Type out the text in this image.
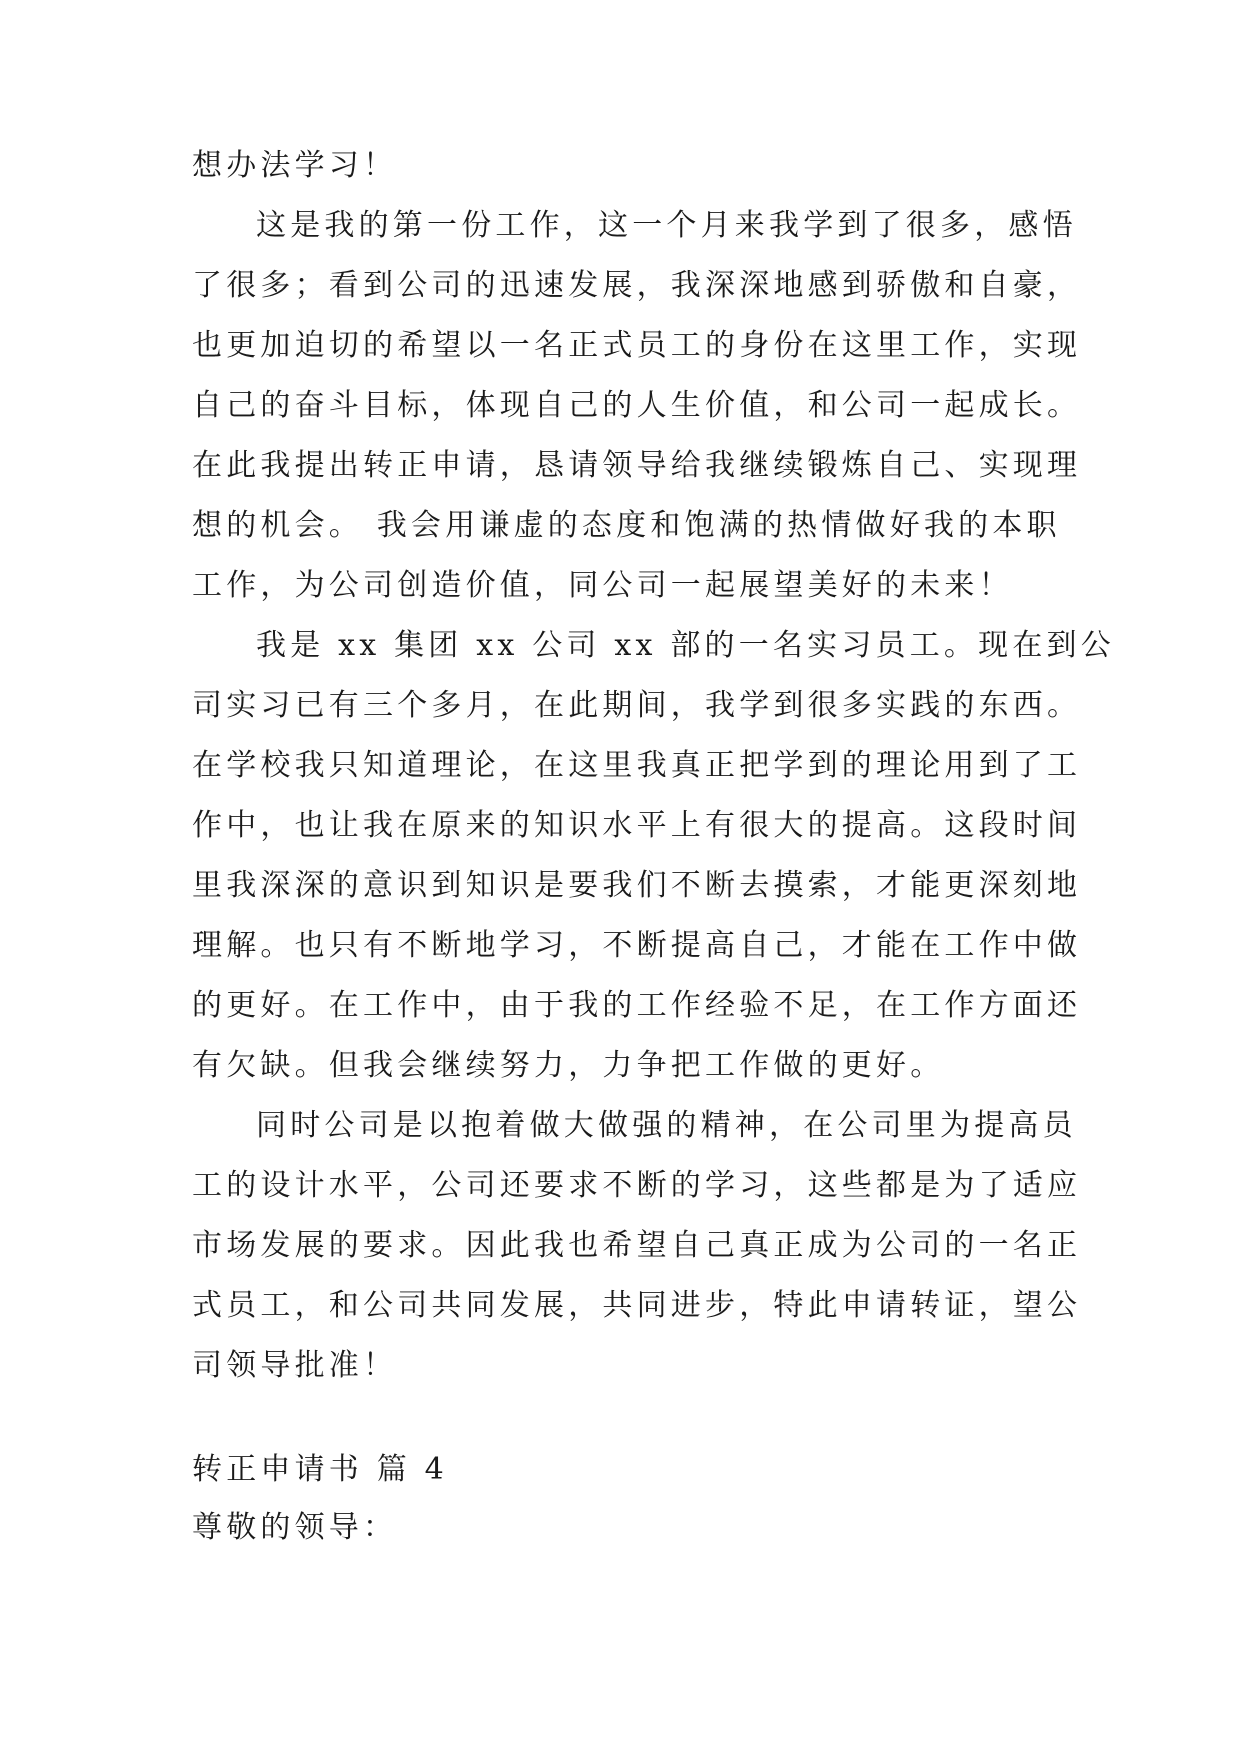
想办法学习！
这是我的第一份工作，这一个月来我学到了很多，感悟
了很多；看到公司的迅速发展，我深深地感到骄傲和自豪，
也更加迫切的希望以一名正式员工的身份在这里工作，实现
自己的奋斗目标，体现自己的人生价值，和公司一起成长。
在此我提出转正申请，恳请领导给我继续锻炼自己、实现理
想的机会。 我会用谦虚的态度和饱满的热情做好我的本职
工作，为公司创造价值，同公司一起展望美好的未来！
我是 xx 集团 xx 公司 xx 部的一名实习员工。现在到公
司实习已有三个多月，在此期间，我学到很多实践的东西。
在学校我只知道理论，在这里我真正把学到的理论用到了工
作中，也让我在原来的知识水平上有很大的提高。这段时间
里我深深的意识到知识是要我们不断去摸索，才能更深刻地
理解。也只有不断地学习，不断提高自己，才能在工作中做
的更好。在工作中，由于我的工作经验不足，在工作方面还
有欠缺。但我会继续努力，力争把工作做的更好。
同时公司是以抱着做大做强的精神，在公司里为提高员
工的设计水平，公司还要求不断的学习，这些都是为了适应
市场发展的要求。因此我也希望自己真正成为公司的一名正
式员工，和公司共同发展，共同进步，特此申请转证，望公
司领导批准！
转正申请书 篇 4
尊敬的领导：
